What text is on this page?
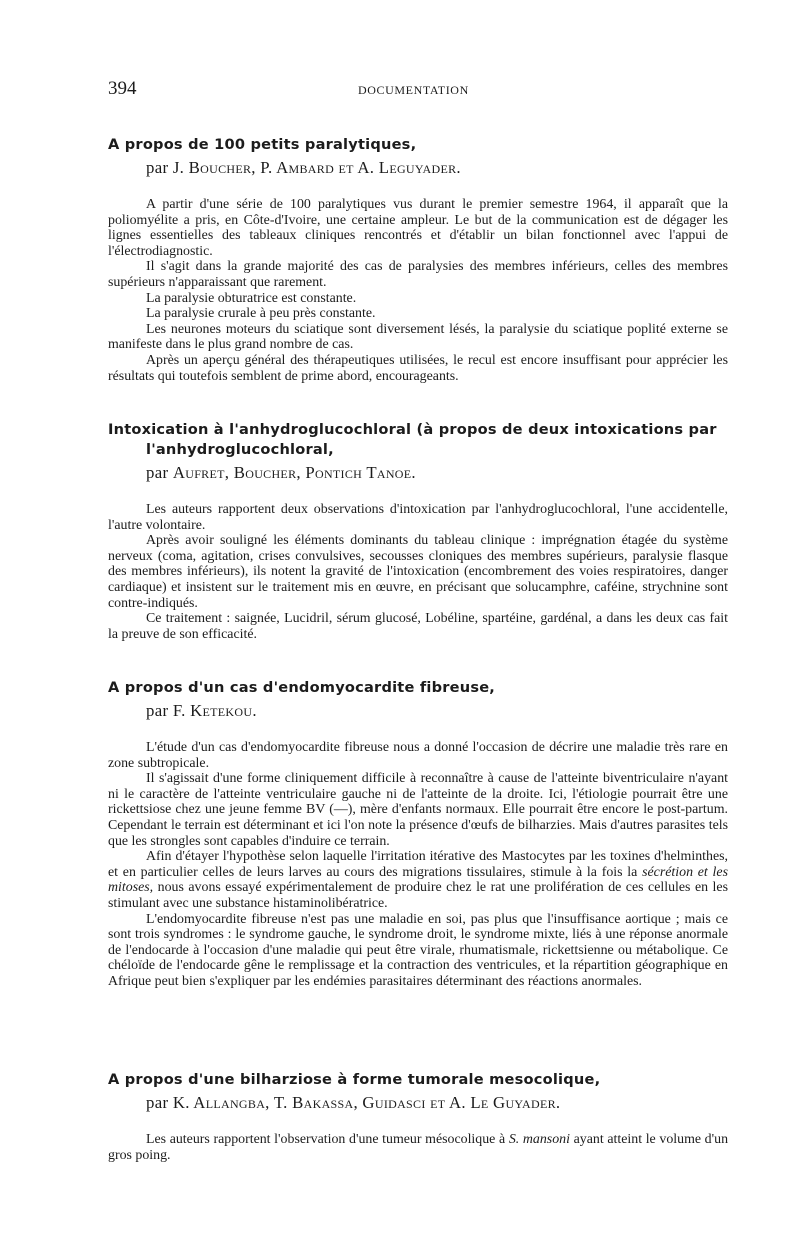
394	DOCUMENTATION
A propos de 100 petits paralytiques,
par J. Boucher, P. Ambard et A. Leguyader.

A partir d'une série de 100 paralytiques vus durant le premier semestre 1964, il apparaît que la poliomyélite a pris, en Côte-d'Ivoire, une certaine ampleur. Le but de la communication est de dégager les lignes essentielles des tableaux cliniques rencontrés et d'établir un bilan fonctionnel avec l'appui de l'électrodiagnostic.

Il s'agit dans la grande majorité des cas de paralysies des membres inférieurs, celles des membres supérieurs n'apparaissant que rarement.

La paralysie obturatrice est constante.

La paralysie crurale à peu près constante.

Les neurones moteurs du sciatique sont diversement lésés, la paralysie du sciatique poplité externe se manifeste dans le plus grand nombre de cas.

Après un aperçu général des thérapeutiques utilisées, le recul est encore insuffisant pour apprécier les résultats qui toutefois semblent de prime abord, encourageants.

Intoxication à l'anhydroglucochloral (à propos de deux intoxications par l'anhydroglucochloral,
par Aufret, Boucher, Pontich Tanoe.

Les auteurs rapportent deux observations d'intoxication par l'anhydroglucochloral, l'une accidentelle, l'autre volontaire.

Après avoir souligné les éléments dominants du tableau clinique : imprégnation étagée du système nerveux (coma, agitation, crises convulsives, secousses cloniques des membres supérieurs, paralysie flasque des membres inférieurs), ils notent la gravité de l'intoxication (encombrement des voies respiratoires, danger cardiaque) et insistent sur le traitement mis en œuvre, en précisant que solucamphre, caféine, strychnine sont contre-indiqués.

Ce traitement : saignée, Lucidril, sérum glucosé, Lobéline, spartéine, gardénal, a dans les deux cas fait la preuve de son efficacité.

A propos d'un cas d'endomyocardite fibreuse,
par F. Ketekou.

L'étude d'un cas d'endomyocardite fibreuse nous a donné l'occasion de décrire une maladie très rare en zone subtropicale.

Il s'agissait d'une forme cliniquement difficile à reconnaître à cause de l'atteinte biventriculaire n'ayant ni le caractère de l'atteinte ventriculaire gauche ni de l'atteinte de la droite. Ici, l'étiologie pourrait être une rickettsiose chez une jeune femme BV (—), mère d'enfants normaux. Elle pourrait être encore le post-partum. Cependant le terrain est déterminant et ici l'on note la présence d'œufs de bilharzies. Mais d'autres parasites tels que les strongles sont capables d'induire ce terrain.

Afin d'étayer l'hypothèse selon laquelle l'irritation itérative des Mastocytes par les toxines d'helminthes, et en particulier celles de leurs larves au cours des migrations tissulaires, stimule à la fois la sécrétion et les mitoses, nous avons essayé expérimentalement de produire chez le rat une prolifération de ces cellules en les stimulant avec une substance histaminolibératrice.

L'endomyocardite fibreuse n'est pas une maladie en soi, pas plus que l'insuffisance aortique ; mais ce sont trois syndromes : le syndrome gauche, le syndrome droit, le syndrome mixte, liés à une réponse anormale de l'endocarde à l'occasion d'une maladie qui peut être virale, rhumatismale, rickettsienne ou métabolique. Ce chéloïde de l'endocarde gêne le remplissage et la contraction des ventricules, et la répartition géographique en Afrique peut bien s'expliquer par les endémies parasitaires déterminant des réactions anormales.

A propos d'une bilharziose à forme tumorale mesocolique,
par K. Allangba, T. Bakassa, Guidasci et A. Le Guyader.

Les auteurs rapportent l'observation d'une tumeur mésocolique à S. mansoni ayant atteint le volume d'un gros poing.
